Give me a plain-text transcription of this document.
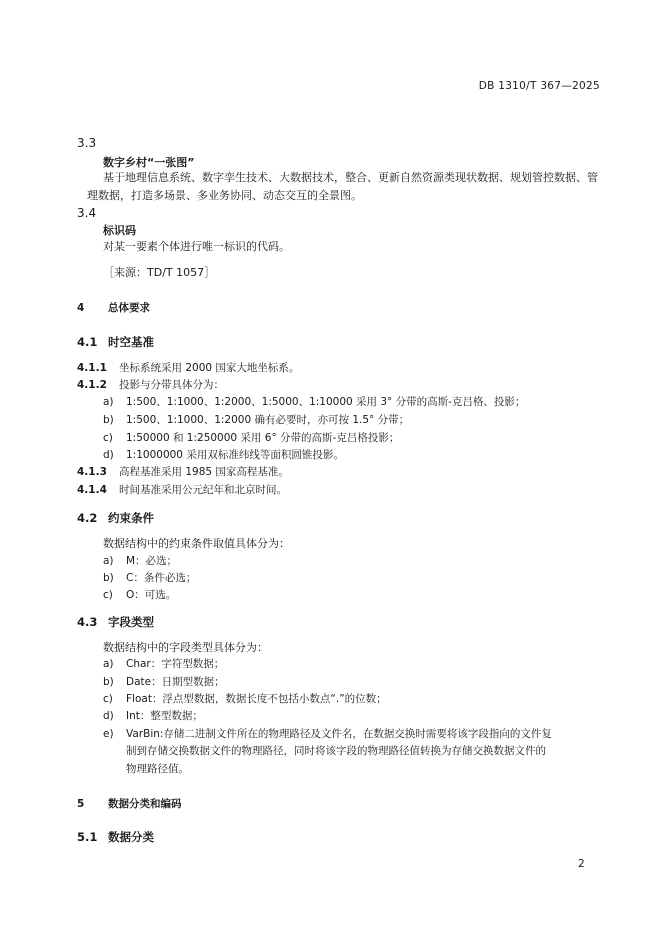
DB 1310/T 367—2025
3.3
数字乡村“一张图”
基于地理信息系统、数字孪生技术、大数据技术，整合、更新自然资源类现状数据、规划管控数据、管理数据，打造多场景、多业务协同、动态交互的全景图。
3.4
标识码
对某一要素个体进行唯一标识的代码。
［来源：TD/T 1057］
4 总体要求
4.1 时空基准
4.1.1 坐标系统采用 2000 国家大地坐标系。
4.1.2 投影与分带具体分为：
a) 1:500、1:1000、1:2000、1:5000、1:10000 采用 3° 分带的高斯-克吕格、投影；
b) 1:500、1:1000、1:2000 确有必要时，亦可按 1.5° 分带；
c) 1:50000 和 1:250000 采用 6° 分带的高斯-克吕格投影；
d) 1:1000000 采用双标准纬线等面积圆锥投影。
4.1.3 高程基准采用 1985 国家高程基准。
4.1.4 时间基准采用公元纪年和北京时间。
4.2 约束条件
数据结构中的约束条件取值具体分为：
a) M：必选；
b) C：条件必选；
c) O：可选。
4.3 字段类型
数据结构中的字段类型具体分为：
a) Char：字符型数据；
b) Date：日期型数据；
c) Float：浮点型数据，数据长度不包括小数点“.”的位数；
d) Int：整型数据；
e) VarBin:存储二进制文件所在的物理路径及文件名，在数据交换时需要将该字段指向的文件复
制到存储交换数据文件的物理路径，同时将该字段的物理路径值转换为存储交换数据文件的
物理路径值。
5 数据分类和编码
5.1 数据分类
2
